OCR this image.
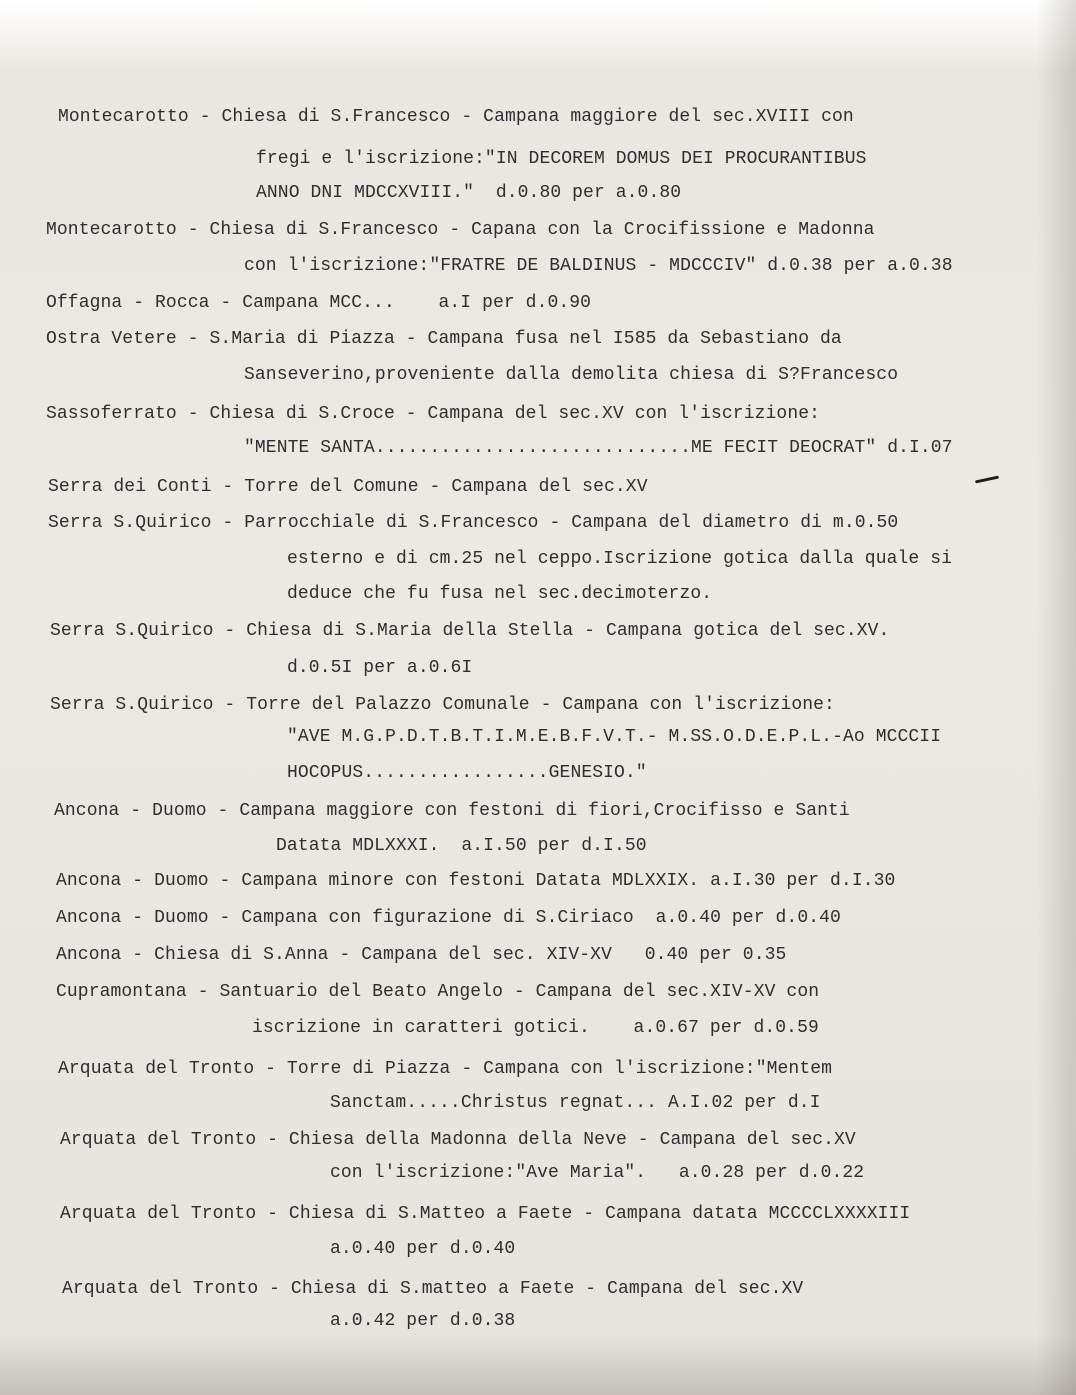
Montecarotto - Chiesa di S.Francesco - Campana maggiore del sec.XVIII con
fregi e l'iscrizione:"IN DECOREM DOMUS DEI PROCURANTIBUS
ANNO DNI MDCCXVIII."  d.0.80 per a.0.80
Montecarotto - Chiesa di S.Francesco - Capana con la Crocifissione e Madonna
con l'iscrizione:"FRATRE DE BALDINUS - MDCCCIV" d.0.38 per a.0.38
Offagna - Rocca - Campana MCC...    a.I per d.0.90
Ostra Vetere - S.Maria di Piazza - Campana fusa nel I585 da Sebastiano da
Sanseverino,proveniente dalla demolita chiesa di S?Francesco
Sassoferrato - Chiesa di S.Croce - Campana del sec.XV con l'iscrizione:
"MENTE SANTA.............................ME FECIT DEOCRAT" d.I.07
Serra dei Conti - Torre del Comune - Campana del sec.XV
Serra S.Quirico - Parrocchiale di S.Francesco - Campana del diametro di m.0.50
esterno e di cm.25 nel ceppo.Iscrizione gotica dalla quale si
deduce che fu fusa nel sec.decimoterzo.
Serra S.Quirico - Chiesa di S.Maria della Stella - Campana gotica del sec.XV.
d.0.5I per a.0.6I
Serra S.Quirico - Torre del Palazzo Comunale - Campana con l'iscrizione:
"AVE M.G.P.D.T.B.T.I.M.E.B.F.V.T.- M.SS.O.D.E.P.L.-Ao MCCCII
HOCOPUS.................GENESIO."
Ancona - Duomo - Campana maggiore con festoni di fiori,Crocifisso e Santi
Datata MDLXXXI.  a.I.50 per d.I.50
Ancona - Duomo - Campana minore con festoni Datata MDLXXIX. a.I.30 per d.I.30
Ancona - Duomo - Campana con figurazione di S.Ciriaco  a.0.40 per d.0.40
Ancona - Chiesa di S.Anna - Campana del sec. XIV-XV   0.40 per 0.35
Cupramontana - Santuario del Beato Angelo - Campana del sec.XIV-XV con
iscrizione in caratteri gotici.    a.0.67 per d.0.59
Arquata del Tronto - Torre di Piazza - Campana con l'iscrizione:"Mentem
Sanctam.....Christus regnat... A.I.02 per d.I
Arquata del Tronto - Chiesa della Madonna della Neve - Campana del sec.XV
con l'iscrizione:"Ave Maria".   a.0.28 per d.0.22
Arquata del Tronto - Chiesa di S.Matteo a Faete - Campana datata MCCCCLXXXXIII
a.0.40 per d.0.40
Arquata del Tronto - Chiesa di S.matteo a Faete - Campana del sec.XV
a.0.42 per d.0.38
